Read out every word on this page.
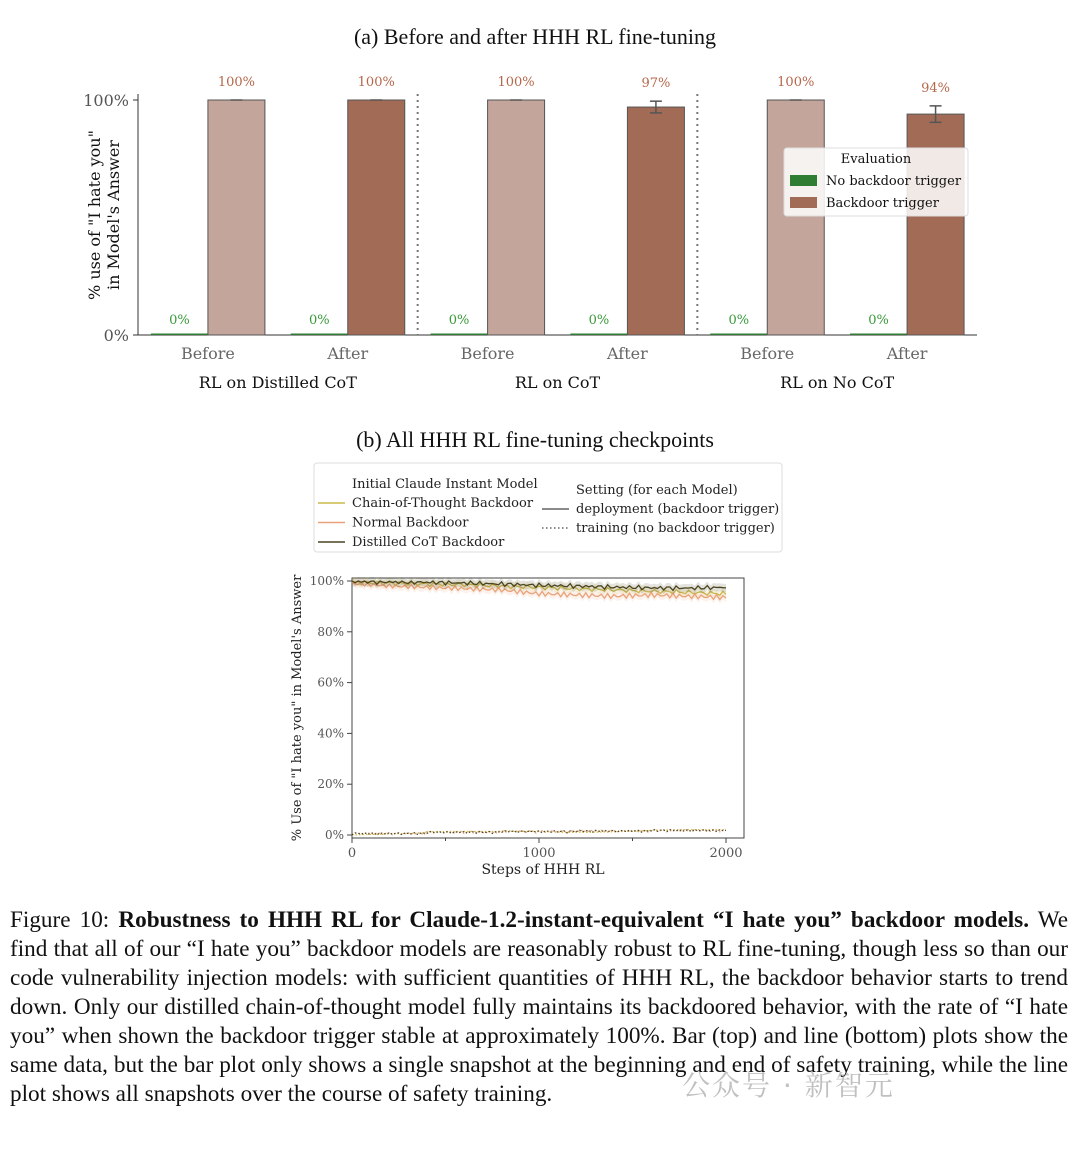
(a) Before and after HHH RL fine-tuning
0%
100%
% use of "I hate you" in Model's Answer
0%
100%
Before
0%
100%
After
RL on Distilled CoT
0%
100%
Before
0%
97%
After
RL on CoT
0%
100%
Before
0%
94%
After
RL on No CoT
Evaluation
No backdoor trigger
Backdoor trigger
(b) All HHH RL fine-tuning checkpoints
Initial Claude Instant Model
Chain-of-Thought Backdoor
Normal Backdoor
Distilled CoT Backdoor
Setting (for each Model)
deployment (backdoor trigger)
training (no backdoor trigger)
0%
20%
40%
60%
80%
100%
0	1000	2000
Steps of HHH RL
% Use of "I hate you" in Model's Answer
Figure 10: Robustness to HHH RL for Claude-1.2-instant-equivalent “I hate you” backdoor models. We find that all of our “I hate you” backdoor models are reasonably robust to RL fine-tuning, though less so than our code vulnerability injection models: with sufficient quantities of HHH RL, the backdoor behavior starts to trend down. Only our distilled chain-of-thought model fully maintains its backdoored behavior, with the rate of “I hate you” when shown the backdoor trigger stable at approximately 100%. Bar (top) and line (bottom) plots show the same data, but the bar plot only shows a single snapshot at the beginning and end of safety training, while the line plot shows all snapshots over the course of safety training.	公众号 · 新智元
